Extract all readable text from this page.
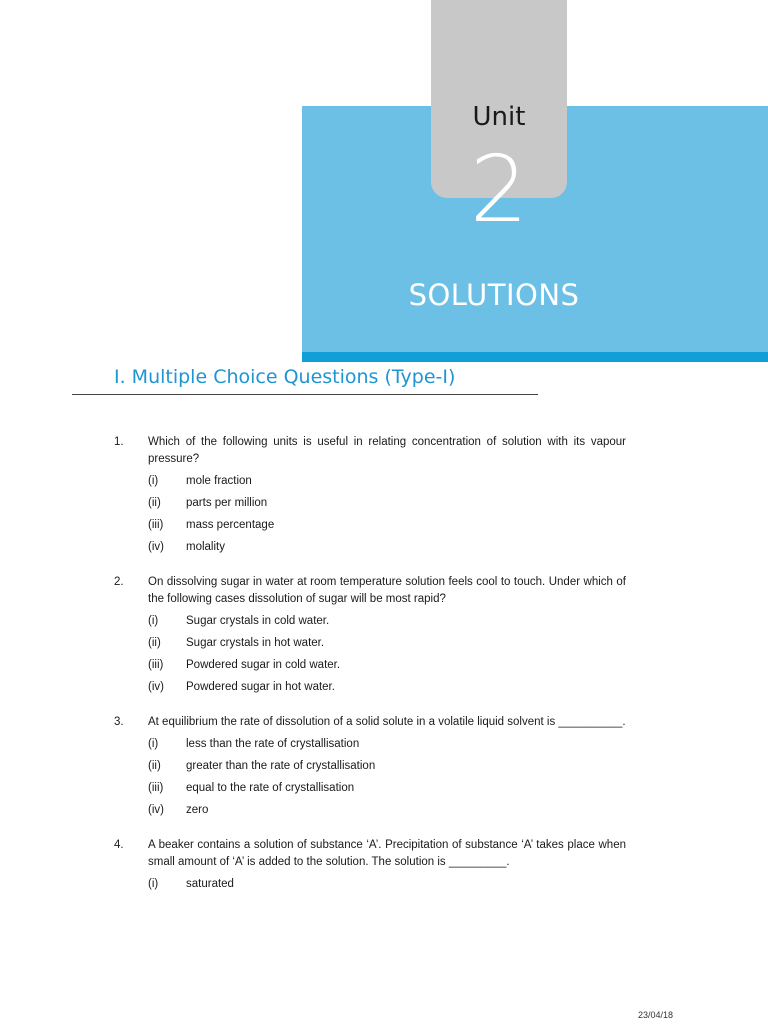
Unit
2
SOLUTIONS
I. Multiple Choice Questions (Type-I)
1.	Which of the following units is useful in relating concentration of solution with its vapour pressure?
(i)	mole fraction
(ii)	parts per million
(iii)	mass percentage
(iv)	molality
2.	On dissolving sugar in water at room temperature solution feels cool to touch. Under which of the following cases dissolution of sugar will be most rapid?
(i)	Sugar crystals in cold water.
(ii)	Sugar crystals in hot water.
(iii)	Powdered sugar in cold water.
(iv)	Powdered sugar in hot water.
3.	At equilibrium the rate of dissolution of a solid solute in a volatile liquid solvent is __________.
(i)	less than the rate of crystallisation
(ii)	greater than the rate of crystallisation
(iii)	equal to the rate of crystallisation
(iv)	zero
4.	A beaker contains a solution of substance ‘A’. Precipitation of substance ‘A’ takes place when small amount of ‘A’ is added to the solution. The solution is _________.
(i)	saturated
23/04/18
